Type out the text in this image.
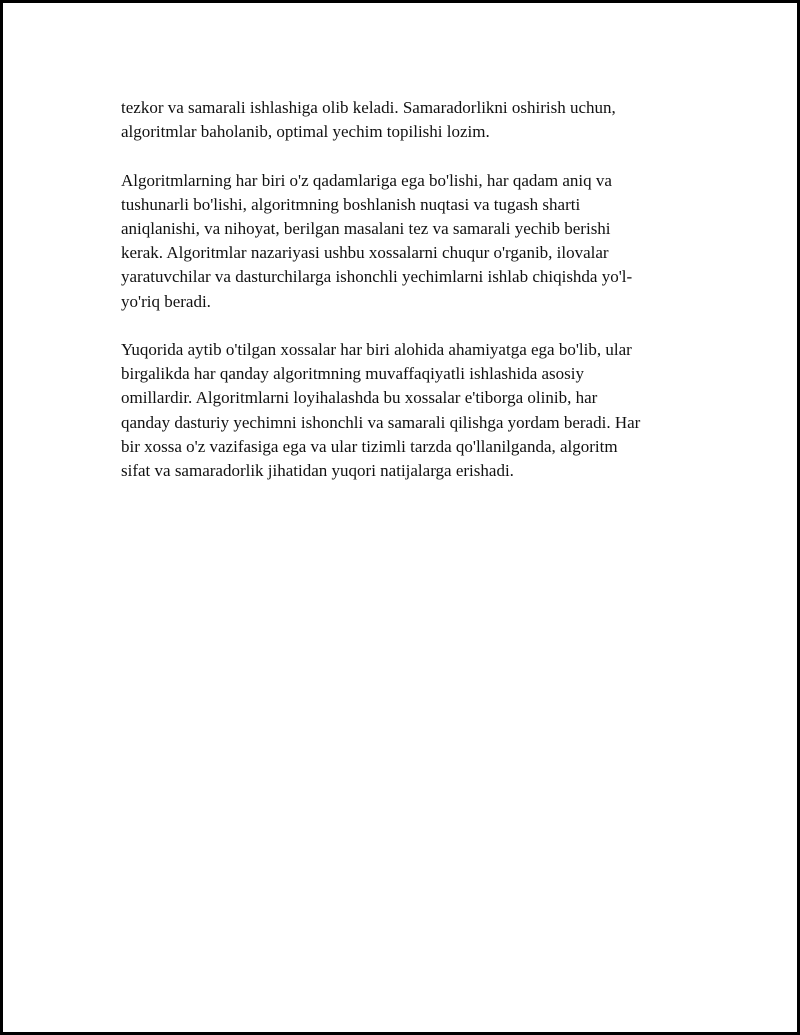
tezkor va samarali ishlashiga olib keladi. Samaradorlikni oshirish uchun,
algoritmlar baholanib, optimal yechim topilishi lozim.

Algoritmlarning har biri o'z qadamlariga ega bo'lishi, har qadam aniq va
tushunarli bo'lishi, algoritmning boshlanish nuqtasi va tugash sharti
aniqlanishi, va nihoyat, berilgan masalani tez va samarali yechib berishi
kerak. Algoritmlar nazariyasi ushbu xossalarni chuqur o'rganib, ilovalar
yaratuvchilar va dasturchilarga ishonchli yechimlarni ishlab chiqishda yo'l-
yo'riq beradi.

Yuqorida aytib o'tilgan xossalar har biri alohida ahamiyatga ega bo'lib, ular
birgalikda har qanday algoritmning muvaffaqiyatli ishlashida asosiy
omillardir. Algoritmlarni loyihalashda bu xossalar e'tiborga olinib, har
qanday dasturiy yechimni ishonchli va samarali qilishga yordam beradi. Har
bir xossa o'z vazifasiga ega va ular tizimli tarzda qo'llanilganda, algoritm
sifat va samaradorlik jihatidan yuqori natijalarga erishadi.
